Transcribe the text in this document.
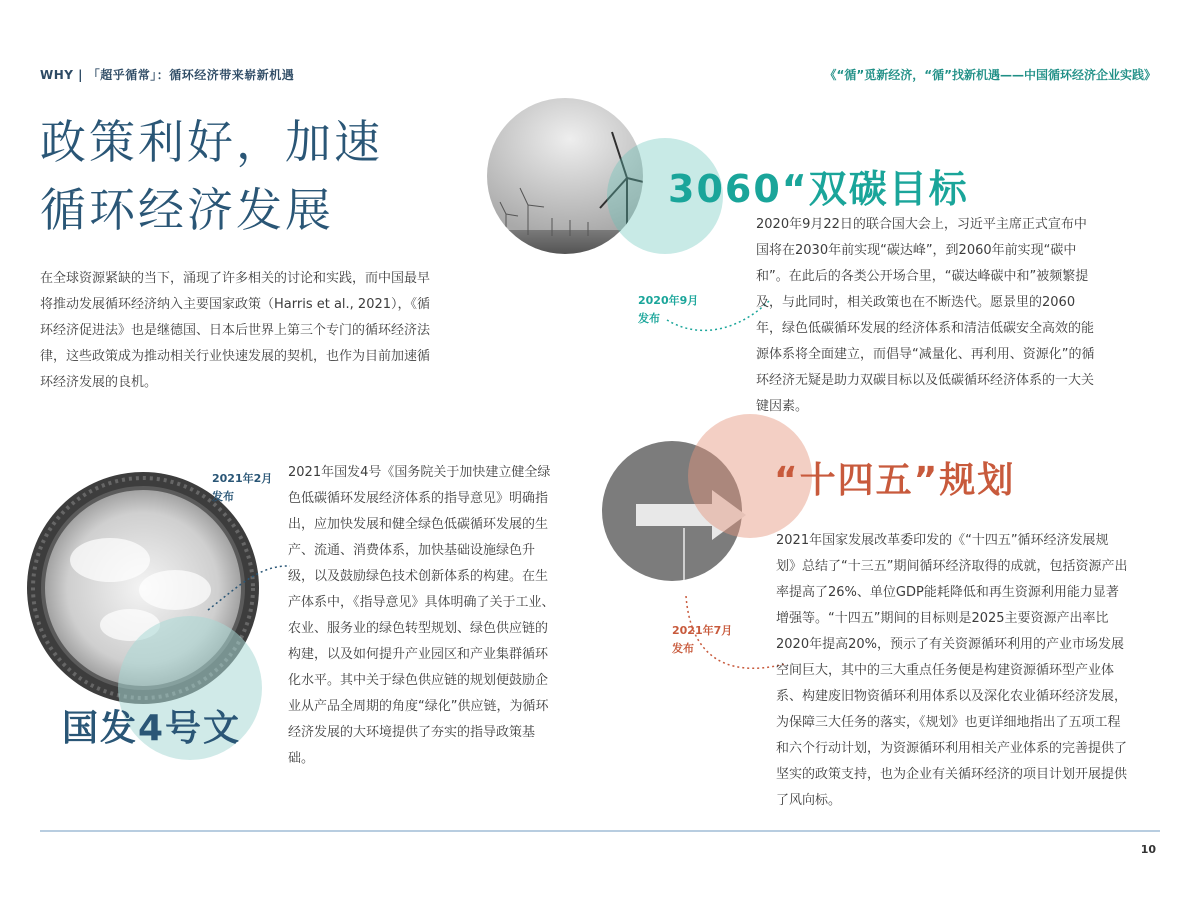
WHY | 「超乎循常」：循环经济带来崭新机遇	《“循”觅新经济，“循”找新机遇——中国循环经济企业实践》
政策利好，加速
循环经济发展
在全球资源紧缺的当下，涌现了许多相关的讨论和实践，而中国最早将推动发展循环经济纳入主要国家政策（Harris et al., 2021），《循环经济促进法》也是继德国、日本后世界上第三个专门的循环经济法律，这些政策成为推动相关行业快速发展的契机，也作为目前加速循环经济发展的良机。
3060“双碳目标
2020年9月
发布
2020年9月22日的联合国大会上，习近平主席正式宣布中国将在2030年前实现“碳达峰”，到2060年前实现“碳中和”。在此后的各类公开场合里，“碳达峰碳中和”被频繁提及，与此同时，相关政策也在不断迭代。愿景里的2060年，绿色低碳循环发展的经济体系和清洁低碳安全高效的能源体系将全面建立，而倡导“减量化、再利用、资源化”的循环经济无疑是助力双碳目标以及低碳循环经济体系的一大关键因素。
2021年2月
发布
2021年国发4号《国务院关于加快建立健全绿色低碳循环发展经济体系的指导意见》明确指出，应加快发展和健全绿色低碳循环发展的生产、流通、消费体系，加快基础设施绿色升级，以及鼓励绿色技术创新体系的构建。在生产体系中，《指导意见》具体明确了关于工业、农业、服务业的绿色转型规划、绿色供应链的构建，以及如何提升产业园区和产业集群循环化水平。其中关于绿色供应链的规划便鼓励企业从产品全周期的角度“绿化”供应链，为循环经济发展的大环境提供了夯实的指导政策基础。
国发4号文
“十四五”规划
2021年7月
发布
2021年国家发展改革委印发的《“十四五”循环经济发展规划》总结了“十三五”期间循环经济取得的成就，包括资源产出率提高了26%、单位GDP能耗降低和再生资源利用能力显著增强等。“十四五”期间的目标则是2025主要资源产出率比2020年提高20%，预示了有关资源循环利用的产业市场发展空间巨大，其中的三大重点任务便是构建资源循环型产业体系、构建废旧物资循环利用体系以及深化农业循环经济发展，为保障三大任务的落实，《规划》也更详细地指出了五项工程和六个行动计划，为资源循环利用相关产业体系的完善提供了坚实的政策支持，也为企业有关循环经济的项目计划开展提供了风向标。
10
